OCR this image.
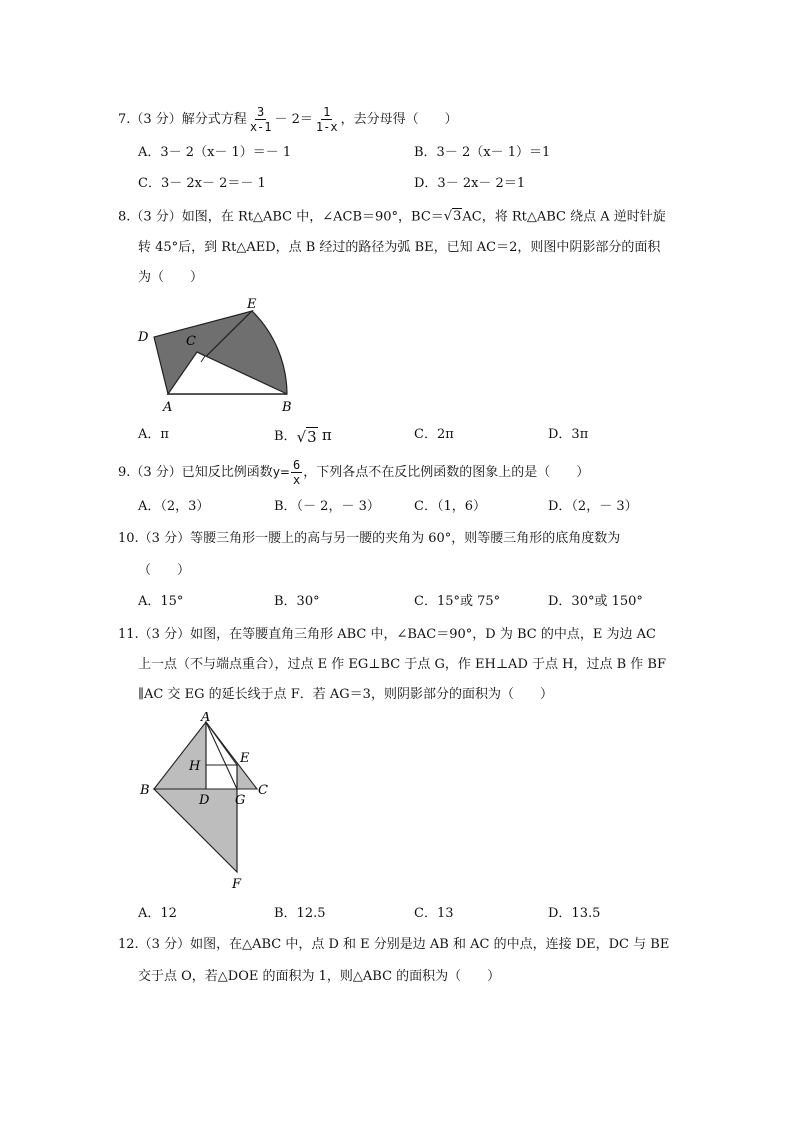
7.（3 分）解分式方程 $\frac{3}{x-1} - 2= \frac{1}{1-x}$ ，去分母得（　　）
A．3－ 2（x－ 1）＝－ 1	B．3－ 2（x－ 1）＝1
C．3－ 2x－ 2＝－ 1	D．3－ 2x－ 2＝1
8.（3 分）如图，在 Rt△ABC 中，∠ACB＝90°，BC＝√3AC，将 Rt△ABC 绕点 A 逆时针旋
转 45°后，到 Rt△AED，点 B 经过的路径为弧 BE，已知 AC＝2，则图中阴影部分的面积
为（　　）
D	C
E
A	B
A．π	B．√3 π	C．2π	D．3π
9.（3 分）已知反比例函数$y= \frac{6}{x}$ ，下列各点不在反比例函数的图象上的是（　　）
A．（2，3）	B．（－ 2，－ 3）	C．（1，6）	D．（2，－ 3）
10.（3 分）等腰三角形一腰上的高与另一腰的夹角为 60°，则等腰三角形的底角度数为
（　　）
A．15°	B．30°	C．15°或 75°	D．30°或 150°
11.（3 分）如图，在等腰直角三角形 ABC 中，∠BAC＝90°，D 为 BC 的中点，E 为边 AC
上一点（不与端点重合），过点 E 作 EG⊥BC 于点 G，作 EH⊥AD 于点 H，过点 B 作 BF
∥AC 交 EG 的延长线于点 F．若 AG＝3，则阴影部分的面积为（　　）
A
H
E
B
D G
C
F
A．12	B．12.5	C．13	D．13.5
12.（3 分）如图，在△ABC 中，点 D 和 E 分别是边 AB 和 AC 的中点，连接 DE，DC 与 BE
交于点 O，若△DOE 的面积为 1，则△ABC 的面积为（　　）
